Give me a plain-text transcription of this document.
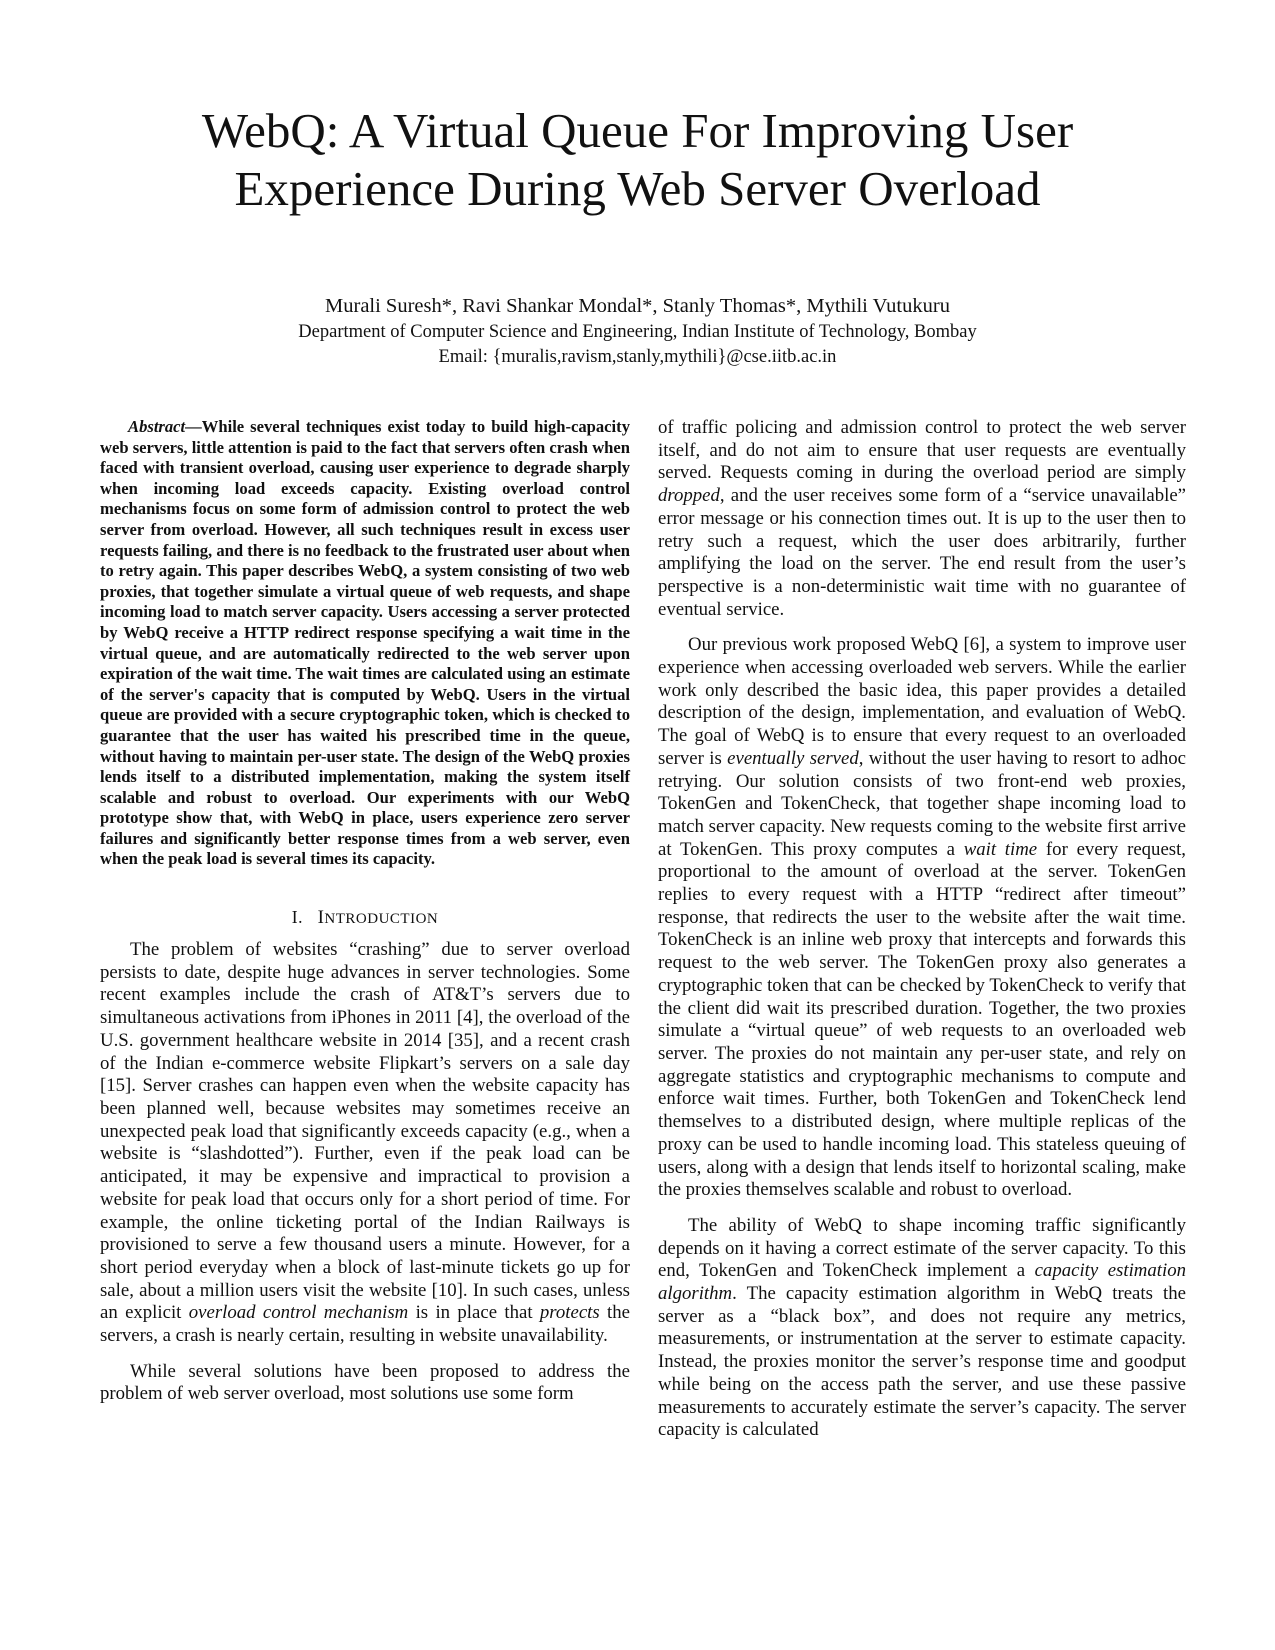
WebQ: A Virtual Queue For Improving User
Experience During Web Server Overload
Murali Suresh*, Ravi Shankar Mondal*, Stanly Thomas*, Mythili Vutukuru
Department of Computer Science and Engineering, Indian Institute of Technology, Bombay
Email: {muralis,ravism,stanly,mythili}@cse.iitb.ac.in

Abstract—While several techniques exist today to build high-capacity web servers, little attention is paid to the fact that servers often crash when faced with transient overload, causing user experience to degrade sharply when incoming load exceeds capacity. Existing overload control mechanisms focus on some form of admission control to protect the web server from overload. However, all such techniques result in excess user requests failing, and there is no feedback to the frustrated user about when to retry again. This paper describes WebQ, a system consisting of two web proxies, that together simulate a virtual queue of web requests, and shape incoming load to match server capacity. Users accessing a server protected by WebQ receive a HTTP redirect response specifying a wait time in the virtual queue, and are automatically redirected to the web server upon expiration of the wait time. The wait times are calculated using an estimate of the server's capacity that is computed by WebQ. Users in the virtual queue are provided with a secure cryptographic token, which is checked to guarantee that the user has waited his prescribed time in the queue, without having to maintain per-user state. The design of the WebQ proxies lends itself to a distributed implementation, making the system itself scalable and robust to overload. Our experiments with our WebQ prototype show that, with WebQ in place, users experience zero server failures and significantly better response times from a web server, even when the peak load is several times its capacity.

I. INTRODUCTION

The problem of websites “crashing” due to server overload persists to date, despite huge advances in server technologies. Some recent examples include the crash of AT&T’s servers due to simultaneous activations from iPhones in 2011 [4], the overload of the U.S. government healthcare website in 2014 [35], and a recent crash of the Indian e-commerce website Flipkart’s servers on a sale day [15]. Server crashes can happen even when the website capacity has been planned well, because websites may sometimes receive an unexpected peak load that significantly exceeds capacity (e.g., when a website is “slashdotted”). Further, even if the peak load can be anticipated, it may be expensive and impractical to provision a website for peak load that occurs only for a short period of time. For example, the online ticketing portal of the Indian Railways is provisioned to serve a few thousand users a minute. However, for a short period everyday when a block of last-minute tickets go up for sale, about a million users visit the website [10]. In such cases, unless an explicit overload control mechanism is in place that protects the servers, a crash is nearly certain, resulting in website unavailability.

While several solutions have been proposed to address the problem of web server overload, most solutions use some form

of traffic policing and admission control to protect the web server itself, and do not aim to ensure that user requests are eventually served. Requests coming in during the overload period are simply dropped, and the user receives some form of a “service unavailable” error message or his connection times out. It is up to the user then to retry such a request, which the user does arbitrarily, further amplifying the load on the server. The end result from the user’s perspective is a non-deterministic wait time with no guarantee of eventual service.

Our previous work proposed WebQ [6], a system to improve user experience when accessing overloaded web servers. While the earlier work only described the basic idea, this paper provides a detailed description of the design, implementation, and evaluation of WebQ. The goal of WebQ is to ensure that every request to an overloaded server is eventually served, without the user having to resort to adhoc retrying. Our solution consists of two front-end web proxies, TokenGen and TokenCheck, that together shape incoming load to match server capacity. New requests coming to the website first arrive at TokenGen. This proxy computes a wait time for every request, proportional to the amount of overload at the server. TokenGen replies to every request with a HTTP “redirect after timeout” response, that redirects the user to the website after the wait time. TokenCheck is an inline web proxy that intercepts and forwards this request to the web server. The TokenGen proxy also generates a cryptographic token that can be checked by TokenCheck to verify that the client did wait its prescribed duration. Together, the two proxies simulate a “virtual queue” of web requests to an overloaded web server. The proxies do not maintain any per-user state, and rely on aggregate statistics and cryptographic mechanisms to compute and enforce wait times. Further, both TokenGen and TokenCheck lend themselves to a distributed design, where multiple replicas of the proxy can be used to handle incoming load. This stateless queuing of users, along with a design that lends itself to horizontal scaling, make the proxies themselves scalable and robust to overload.

The ability of WebQ to shape incoming traffic significantly depends on it having a correct estimate of the server capacity. To this end, TokenGen and TokenCheck implement a capacity estimation algorithm. The capacity estimation algorithm in WebQ treats the server as a “black box”, and does not require any metrics, measurements, or instrumentation at the server to estimate capacity. Instead, the proxies monitor the server’s response time and goodput while being on the access path the server, and use these passive measurements to accurately estimate the server’s capacity. The server capacity is calculated
